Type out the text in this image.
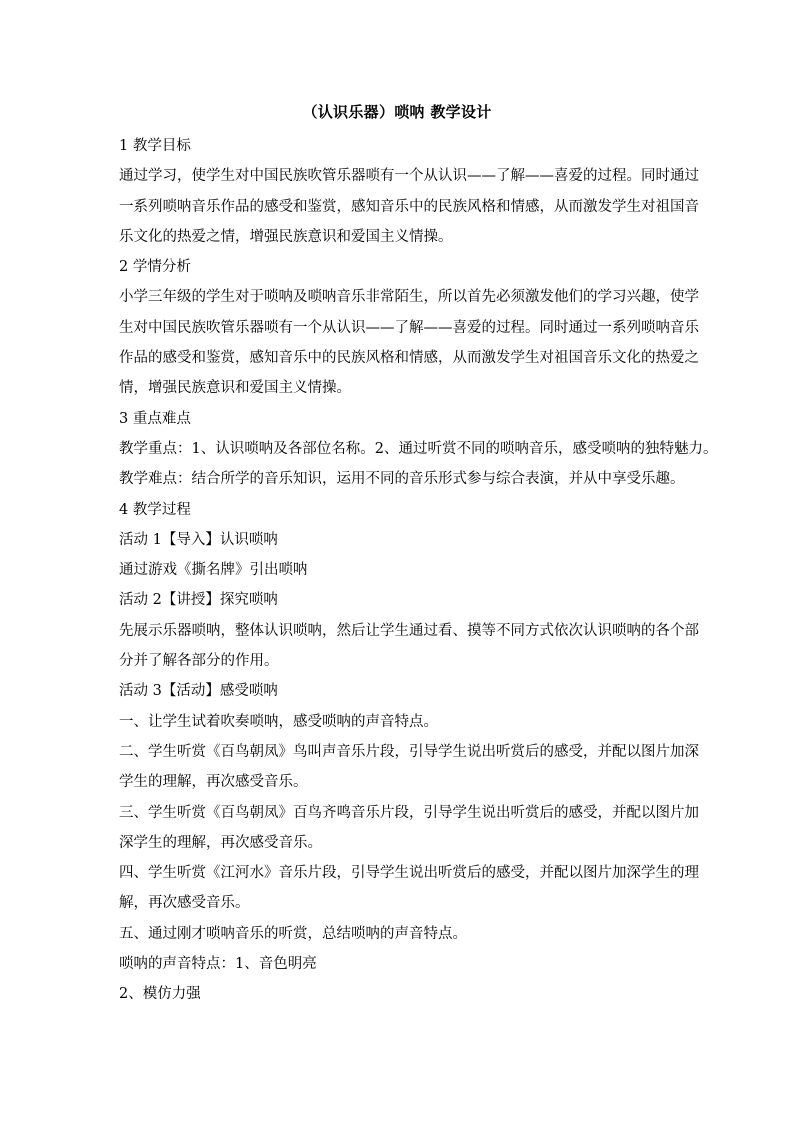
（认识乐器）唢呐 教学设计
1 教学目标
通过学习，使学生对中国民族吹管乐器唢有一个从认识——了解——喜爱的过程。同时通过
一系列唢呐音乐作品的感受和鉴赏，感知音乐中的民族风格和情感，从而激发学生对祖国音
乐文化的热爱之情，增强民族意识和爱国主义情操。
2 学情分析
小学三年级的学生对于唢呐及唢呐音乐非常陌生，所以首先必须激发他们的学习兴趣，使学
生对中国民族吹管乐器唢有一个从认识——了解——喜爱的过程。同时通过一系列唢呐音乐
作品的感受和鉴赏，感知音乐中的民族风格和情感，从而激发学生对祖国音乐文化的热爱之
情，增强民族意识和爱国主义情操。
3 重点难点
教学重点：1、认识唢呐及各部位名称。2、通过听赏不同的唢呐音乐，感受唢呐的独特魅力。
教学难点：结合所学的音乐知识，运用不同的音乐形式参与综合表演，并从中享受乐趣。
4 教学过程
活动 1【导入】认识唢呐
通过游戏《撕名牌》引出唢呐
活动 2【讲授】探究唢呐
先展示乐器唢呐，整体认识唢呐，然后让学生通过看、摸等不同方式依次认识唢呐的各个部
分并了解各部分的作用。
活动 3【活动】感受唢呐
一、让学生试着吹奏唢呐，感受唢呐的声音特点。
二、学生听赏《百鸟朝凤》鸟叫声音乐片段，引导学生说出听赏后的感受，并配以图片加深
学生的理解，再次感受音乐。
三、学生听赏《百鸟朝凤》百鸟齐鸣音乐片段，引导学生说出听赏后的感受，并配以图片加
深学生的理解，再次感受音乐。
四、学生听赏《江河水》音乐片段，引导学生说出听赏后的感受，并配以图片加深学生的理
解，再次感受音乐。
五、通过刚才唢呐音乐的听赏，总结唢呐的声音特点。
唢呐的声音特点：1、音色明亮
2、模仿力强
